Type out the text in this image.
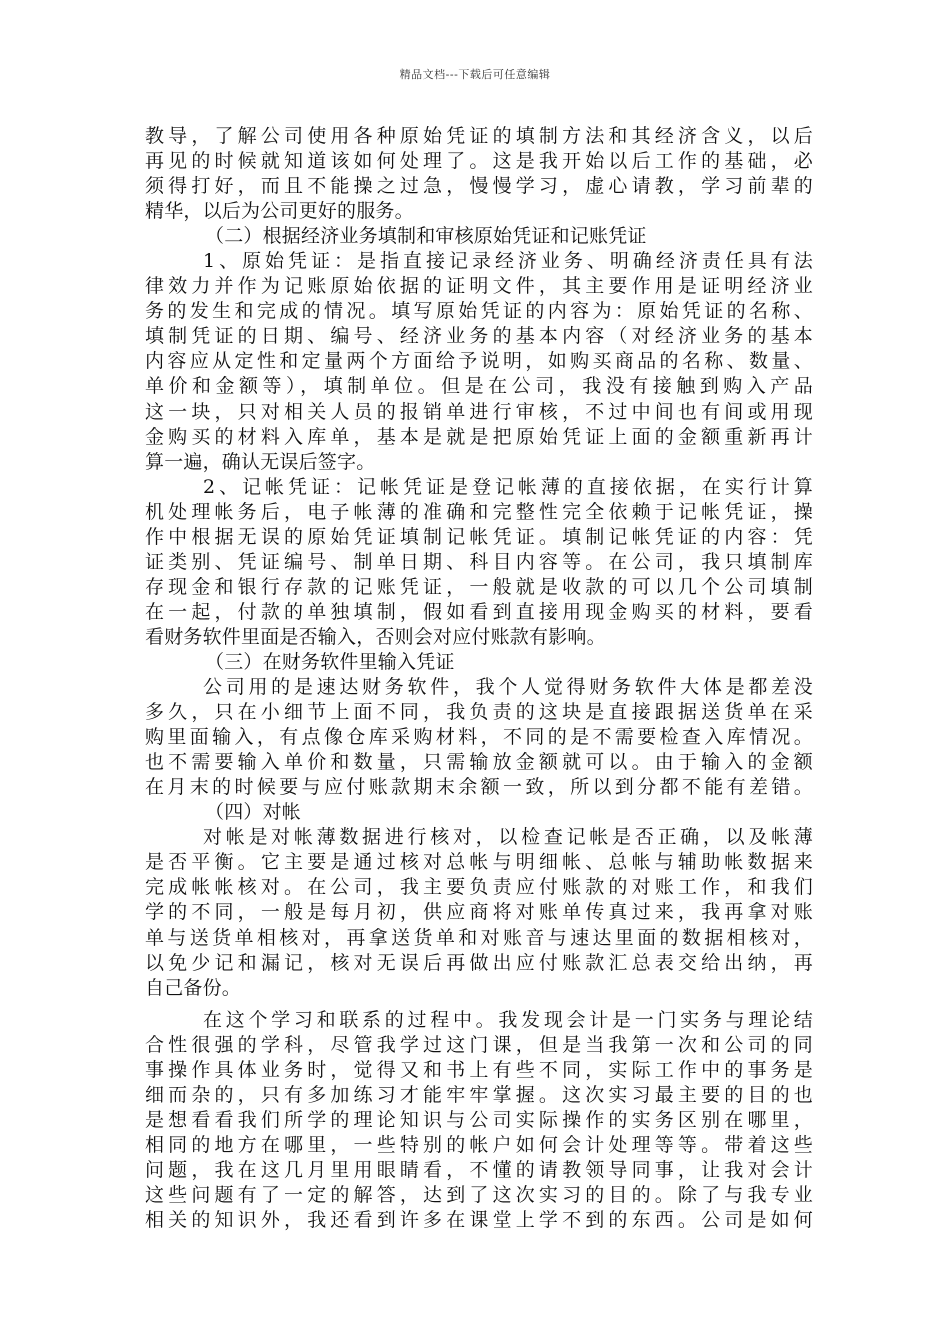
精品文档---下载后可任意编辑
教导，了解公司使用各种原始凭证的填制方法和其经济含义，以后
再见的时候就知道该如何处理了。这是我开始以后工作的基础，必
须得打好，而且不能操之过急，慢慢学习，虚心请教，学习前辈的
精华，以后为公司更好的服务。
（二）根据经济业务填制和审核原始凭证和记账凭证
1、原始凭证：是指直接记录经济业务、明确经济责任具有法
律效力并作为记账原始依据的证明文件，其主要作用是证明经济业
务的发生和完成的情况。填写原始凭证的内容为：原始凭证的名称、
填制凭证的日期、编号、经济业务的基本内容（对经济业务的基本
内容应从定性和定量两个方面给予说明，如购买商品的名称、数量、
单价和金额等），填制单位。但是在公司，我没有接触到购入产品
这一块，只对相关人员的报销单进行审核，不过中间也有间或用现
金购买的材料入库单，基本是就是把原始凭证上面的金额重新再计
算一遍，确认无误后签字。
2、记帐凭证：记帐凭证是登记帐薄的直接依据，在实行计算
机处理帐务后，电子帐薄的准确和完整性完全依赖于记帐凭证，操
作中根据无误的原始凭证填制记帐凭证。填制记帐凭证的内容：凭
证类别、凭证编号、制单日期、科目内容等。在公司，我只填制库
存现金和银行存款的记账凭证，一般就是收款的可以几个公司填制
在一起，付款的单独填制，假如看到直接用现金购买的材料，要看
看财务软件里面是否输入，否则会对应付账款有影响。
（三）在财务软件里输入凭证
公司用的是速达财务软件，我个人觉得财务软件大体是都差没
多久，只在小细节上面不同，我负责的这块是直接跟据送货单在采
购里面输入，有点像仓库采购材料，不同的是不需要检查入库情况。
也不需要输入单价和数量，只需输放金额就可以。由于输入的金额
在月末的时候要与应付账款期末余额一致，所以到分都不能有差错。
（四）对帐
对帐是对帐薄数据进行核对，以检查记帐是否正确，以及帐薄
是否平衡。它主要是通过核对总帐与明细帐、总帐与辅助帐数据来
完成帐帐核对。在公司，我主要负责应付账款的对账工作，和我们
学的不同，一般是每月初，供应商将对账单传真过来，我再拿对账
单与送货单相核对，再拿送货单和对账音与速达里面的数据相核对，
以免少记和漏记，核对无误后再做出应付账款汇总表交给出纳，再
自己备份。
在这个学习和联系的过程中。我发现会计是一门实务与理论结
合性很强的学科，尽管我学过这门课，但是当我第一次和公司的同
事操作具体业务时，觉得又和书上有些不同，实际工作中的事务是
细而杂的，只有多加练习才能牢牢掌握。这次实习最主要的目的也
是想看看我们所学的理论知识与公司实际操作的实务区别在哪里，
相同的地方在哪里，一些特别的帐户如何会计处理等等。带着这些
问题，我在这几月里用眼睛看，不懂的请教领导同事，让我对会计
这些问题有了一定的解答，达到了这次实习的目的。除了与我专业
相关的知识外，我还看到许多在课堂上学不到的东西。公司是如何
